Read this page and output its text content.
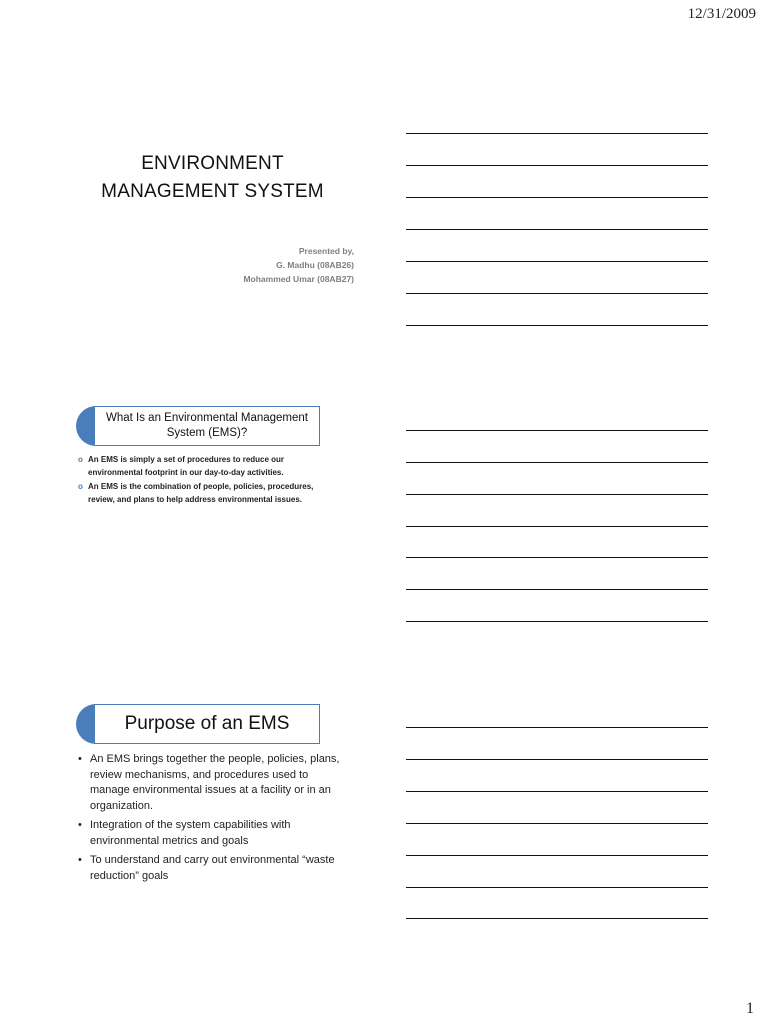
12/31/2009
ENVIRONMENT
MANAGEMENT SYSTEM
Presented by,
G. Madhu (08AB26)
Mohammed Umar (08AB27)
What Is an Environmental Management System (EMS)?
o An EMS is simply a set of procedures to reduce our environmental footprint in our day-to-day activities.
o An EMS is the combination of people, policies, procedures, review, and plans to help address environmental issues.
Purpose of an EMS
• An EMS brings together the people, policies, plans, review mechanisms, and procedures used to manage environmental issues at a facility or in an organization.
• Integration of the system capabilities with environmental metrics and goals
• To understand and carry out environmental “waste reduction” goals
1
